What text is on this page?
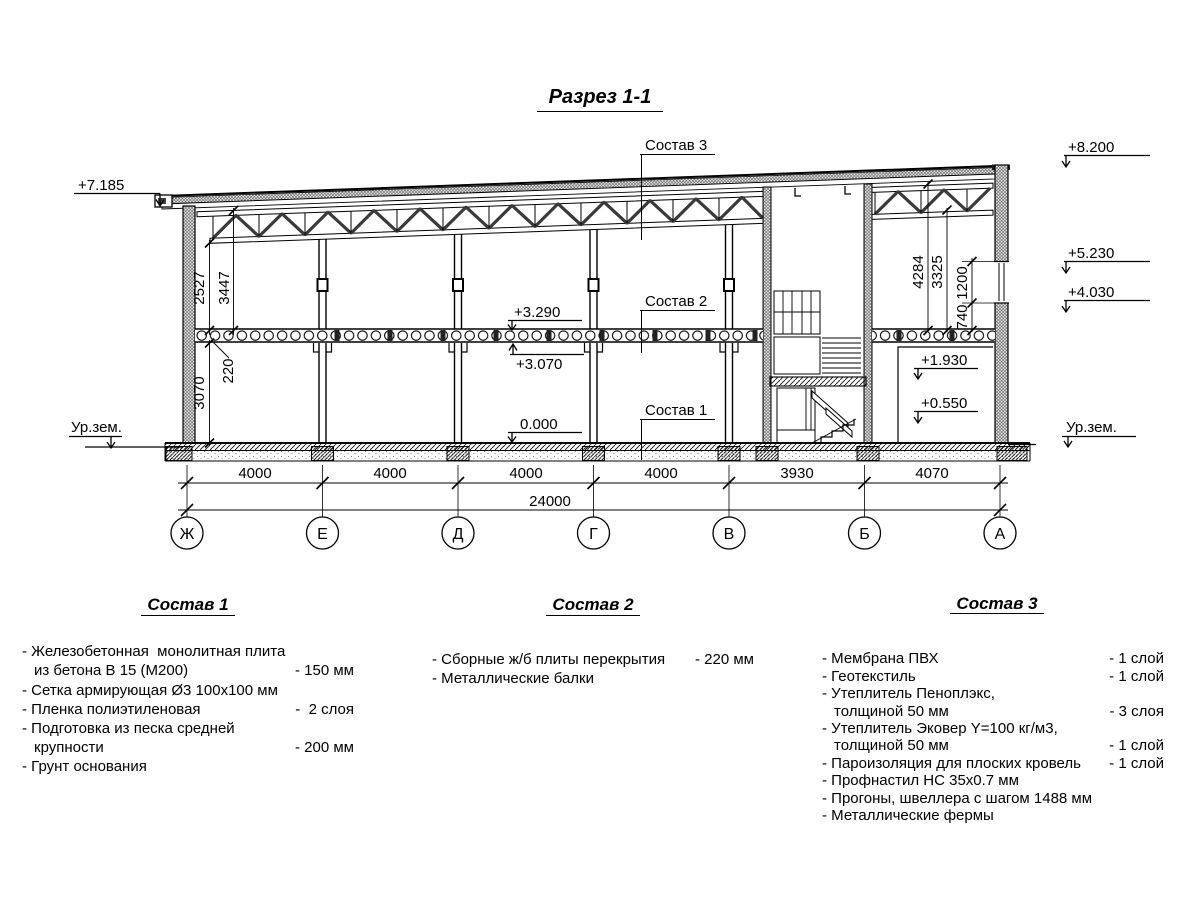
Разрез 1-1
2527 3447
3070
220
4284 3325 1200
740
+7.185
+8.200
+5.230
+4.030
+3.290
+3.070
0.000
+1.930
+0.550
Ур.зем.	Ур.зем.
Состав 3
Состав 2
Состав 1
4000	4000	4000	4000	3930	4070
24000
Ж	Е	Д	Г	В	Б	А
Состав 1
- Железобетонная  монолитная плита
из бетона В 15 (М200)	- 150 мм
- Сетка армирующая Ø3 100х100 мм
- Пленка полиэтиленовая	-  2 слоя
- Подготовка из песка средней
крупности	- 200 мм
- Грунт основания
Состав 2
- Сборные ж/б плиты перекрытия	- 220 мм
- Металлические балки
Состав 3
- Мембрана ПВХ	- 1 слой
- Геотекстиль	- 1 слой
- Утеплитель Пеноплэкс,
толщиной 50 мм	- 3 слоя
- Утеплитель Эковер Y=100 кг/м3,
толщиной 50 мм	- 1 слой
- Пароизоляция для плоских кровель	- 1 слой
- Профнастил НС 35х0.7 мм
- Прогоны, швеллера с шагом 1488 мм
- Металлические фермы
